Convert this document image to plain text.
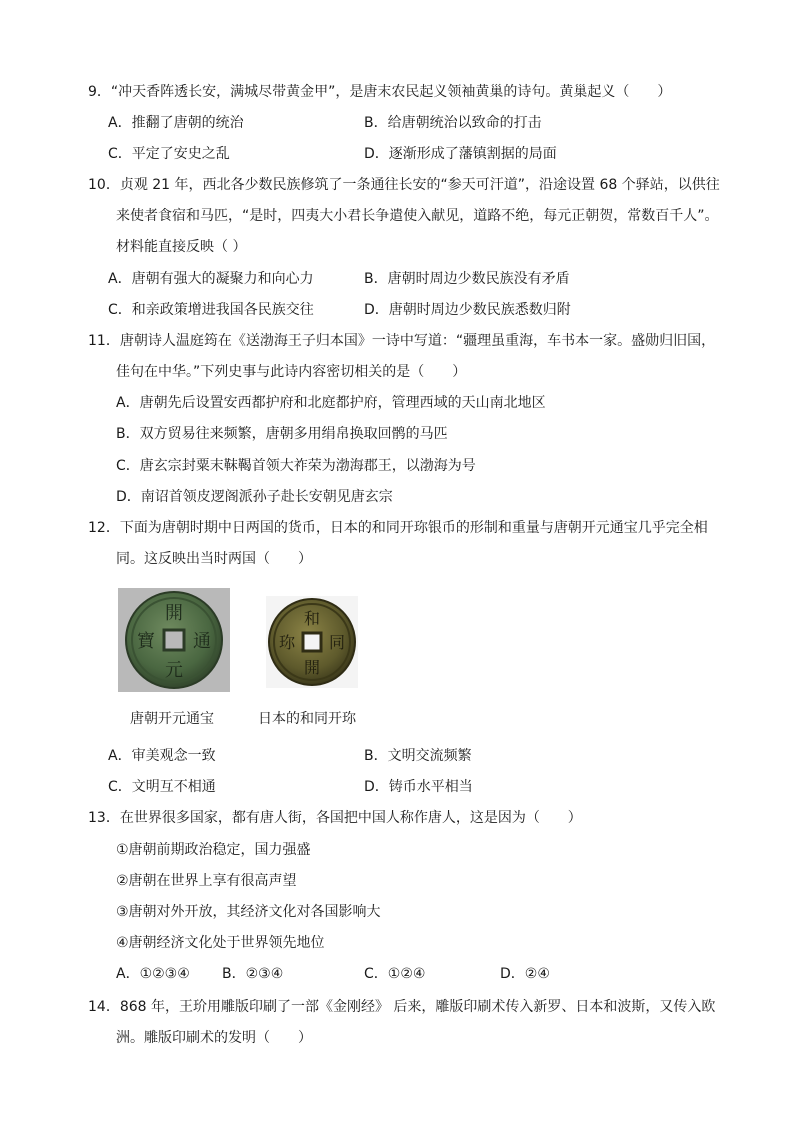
9．“冲天香阵透长安，满城尽带黄金甲”，是唐末农民起义领袖黄巢的诗句。黄巢起义（　　）
A．推翻了唐朝的统治	B．给唐朝统治以致命的打击
C．平定了安史之乱	D．逐渐形成了藩镇割据的局面
10．贞观 21 年，西北各少数民族修筑了一条通往长安的“参天可汗道”，沿途设置 68 个驿站，以供往
来使者食宿和马匹，“是时，四夷大小君长争遣使入献见，道路不绝，每元正朝贺，常数百千人”。
材料能直接反映（ ）
A．唐朝有强大的凝聚力和向心力	B．唐朝时周边少数民族没有矛盾
C．和亲政策增进我国各民族交往	D．唐朝时周边少数民族悉数归附
11．唐朝诗人温庭筠在《送渤海王子归本国》一诗中写道：“疆理虽重海，车书本一家。盛勋归旧国，
佳句在中华。”下列史事与此诗内容密切相关的是（　　）
A．唐朝先后设置安西都护府和北庭都护府，管理西域的天山南北地区
B．双方贸易往来频繁，唐朝多用绢帛换取回鹘的马匹
C．唐玄宗封粟末靺鞨首领大祚荣为渤海郡王，以渤海为号
D．南诏首领皮逻阁派孙子赴长安朝见唐玄宗
12．下面为唐朝时期中日两国的货币，日本的和同开珎银币的形制和重量与唐朝开元通宝几乎完全相
同。这反映出当时两国（　　）
開
通
元
寶
和
同
開
珎
唐朝开元通宝	日本的和同开珎
A．审美观念一致	B．文明交流频繁
C．文明互不相通	D．铸币水平相当
13．在世界很多国家，都有唐人街，各国把中国人称作唐人，这是因为（　　）
①唐朝前期政治稳定，国力强盛
②唐朝在世界上享有很高声望
③唐朝对外开放，其经济文化对各国影响大
④唐朝经济文化处于世界领先地位
A．①②③④ B．②③④	C．①②④	D．②④
14．868 年，王玠用雕版印刷了一部《金刚经》 后来，雕版印刷术传入新罗、日本和波斯，又传入欧
洲。雕版印刷术的发明（　　）
